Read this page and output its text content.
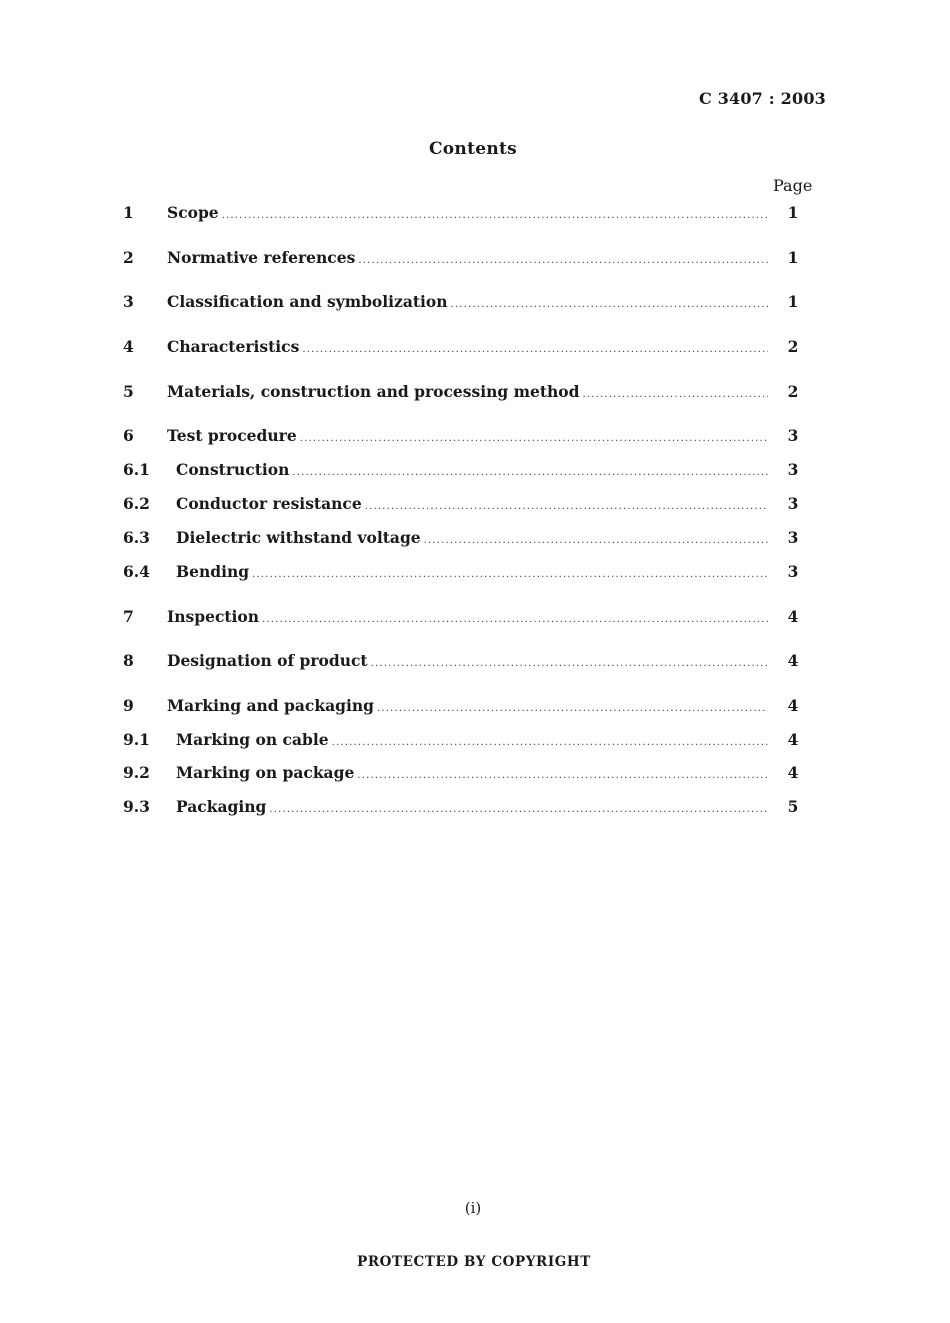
C 3407 : 2003
Contents
Page
1	Scope .....	1
2	Normative references .....	1
3	Classification and symbolization .....	1
4	Characteristics .....	2
5	Materials, construction and processing method .....	2
6	Test procedure .....	3
6.1	Construction .....	3
6.2	Conductor resistance .....	3
6.3	Dielectric withstand voltage .....	3
6.4	Bending .....	3
7	Inspection .....	4
8	Designation of product .....	4
9	Marking and packaging .....	4
9.1	Marking on cable .....	4
9.2	Marking on package .....	4
9.3	Packaging .....	5
(i)
PROTECTED BY COPYRIGHT
